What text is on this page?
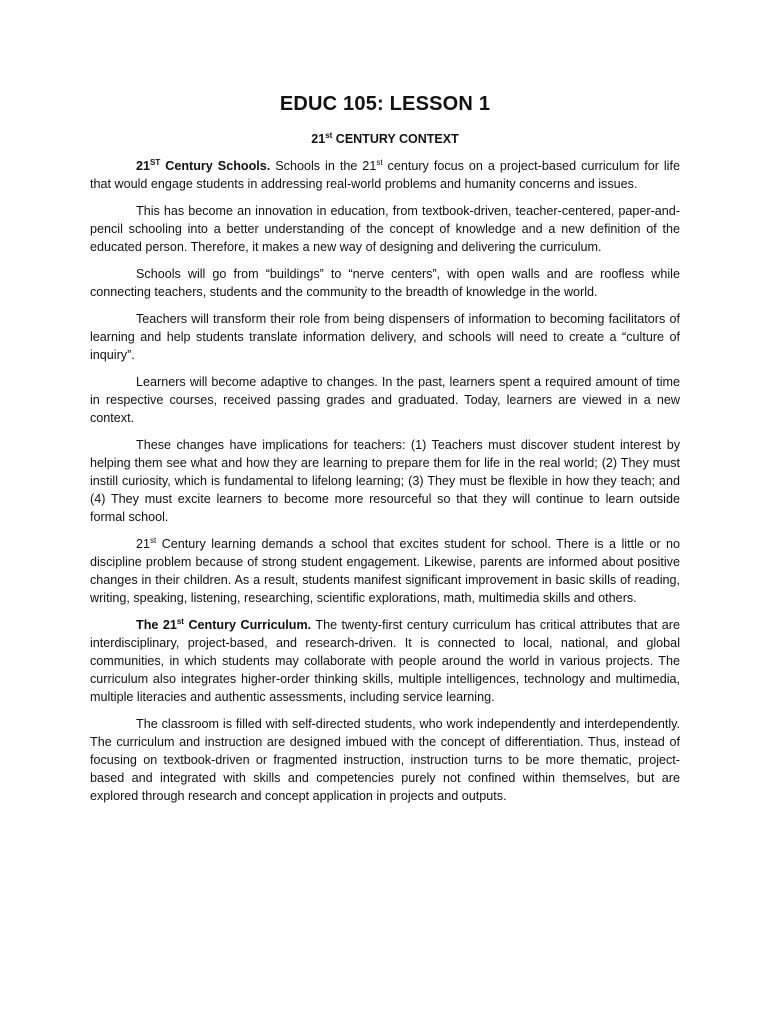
EDUC 105: LESSON 1

21st CENTURY CONTEXT

21ST Century Schools. Schools in the 21st century focus on a project-based curriculum for life that would engage students in addressing real-world problems and humanity concerns and issues.

This has become an innovation in education, from textbook-driven, teacher-centered, paper-and-pencil schooling into a better understanding of the concept of knowledge and a new definition of the educated person. Therefore, it makes a new way of designing and delivering the curriculum.

Schools will go from “buildings” to “nerve centers”, with open walls and are roofless while connecting teachers, students and the community to the breadth of knowledge in the world.

Teachers will transform their role from being dispensers of information to becoming facilitators of learning and help students translate information delivery, and schools will need to create a “culture of inquiry”.

Learners will become adaptive to changes. In the past, learners spent a required amount of time in respective courses, received passing grades and graduated. Today, learners are viewed in a new context.

These changes have implications for teachers: (1) Teachers must discover student interest by helping them see what and how they are learning to prepare them for life in the real world; (2) They must instill curiosity, which is fundamental to lifelong learning; (3) They must be flexible in how they teach; and (4) They must excite learners to become more resourceful so that they will continue to learn outside formal school.

21st Century learning demands a school that excites student for school. There is a little or no discipline problem because of strong student engagement. Likewise, parents are informed about positive changes in their children. As a result, students manifest significant improvement in basic skills of reading, writing, speaking, listening, researching, scientific explorations, math, multimedia skills and others.

The 21st Century Curriculum. The twenty-first century curriculum has critical attributes that are interdisciplinary, project-based, and research-driven. It is connected to local, national, and global communities, in which students may collaborate with people around the world in various projects. The curriculum also integrates higher-order thinking skills, multiple intelligences, technology and multimedia, multiple literacies and authentic assessments, including service learning.

The classroom is filled with self-directed students, who work independently and interdependently. The curriculum and instruction are designed imbued with the concept of differentiation. Thus, instead of focusing on textbook-driven or fragmented instruction, instruction turns to be more thematic, project-based and integrated with skills and competencies purely not confined within themselves, but are explored through research and concept application in projects and outputs.
